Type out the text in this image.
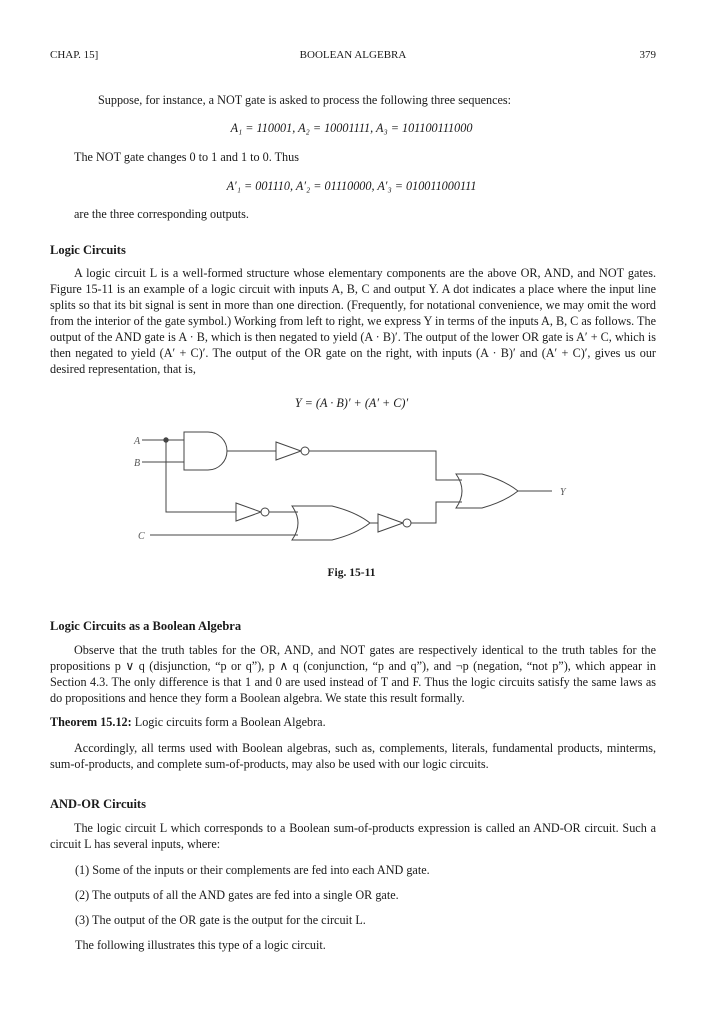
BOOLEAN ALGEBRA
CHAP. 15]	379
Suppose, for instance, a NOT gate is asked to process the following three sequences:
A₁ = 110001, A₂ = 10001111, A₃ = 101100111000
The NOT gate changes 0 to 1 and 1 to 0. Thus
A′₁ = 001110, A′₂ = 01110000, A′₃ = 010011000111
are the three corresponding outputs.
Logic Circuits
A logic circuit L is a well-formed structure whose elementary components are the above OR, AND, and NOT gates. Figure 15-11 is an example of a logic circuit with inputs A, B, C and output Y. A dot indicates a place where the input line splits so that its bit signal is sent in more than one direction. (Frequently, for notational convenience, we may omit the word from the interior of the gate symbol.) Working from left to right, we express Y in terms of the inputs A, B, C as follows. The output of the AND gate is A · B, which is then negated to yield (A · B)′. The output of the lower OR gate is A′ + C, which is then negated to yield (A′ + C)′. The output of the OR gate on the right, with inputs (A · B)′ and (A′ + C)′, gives us our desired representation, that is,
Y = (A · B)′ + (A′ + C)′
A
B
C
Y
Fig. 15-11
Logic Circuits as a Boolean Algebra
Observe that the truth tables for the OR, AND, and NOT gates are respectively identical to the truth tables for the propositions p ∨ q (disjunction, “p or q”), p ∧ q (conjunction, “p and q”), and ¬p (negation, “not p”), which appear in Section 4.3. The only difference is that 1 and 0 are used instead of T and F. Thus the logic circuits satisfy the same laws as do propositions and hence they form a Boolean algebra. We state this result formally.
Theorem 15.12: Logic circuits form a Boolean Algebra.
Accordingly, all terms used with Boolean algebras, such as, complements, literals, fundamental products, minterms, sum-of-products, and complete sum-of-products, may also be used with our logic circuits.
AND-OR Circuits
The logic circuit L which corresponds to a Boolean sum-of-products expression is called an AND-OR circuit. Such a circuit L has several inputs, where:
(1) Some of the inputs or their complements are fed into each AND gate.
(2) The outputs of all the AND gates are fed into a single OR gate.
(3) The output of the OR gate is the output for the circuit L.
The following illustrates this type of a logic circuit.
